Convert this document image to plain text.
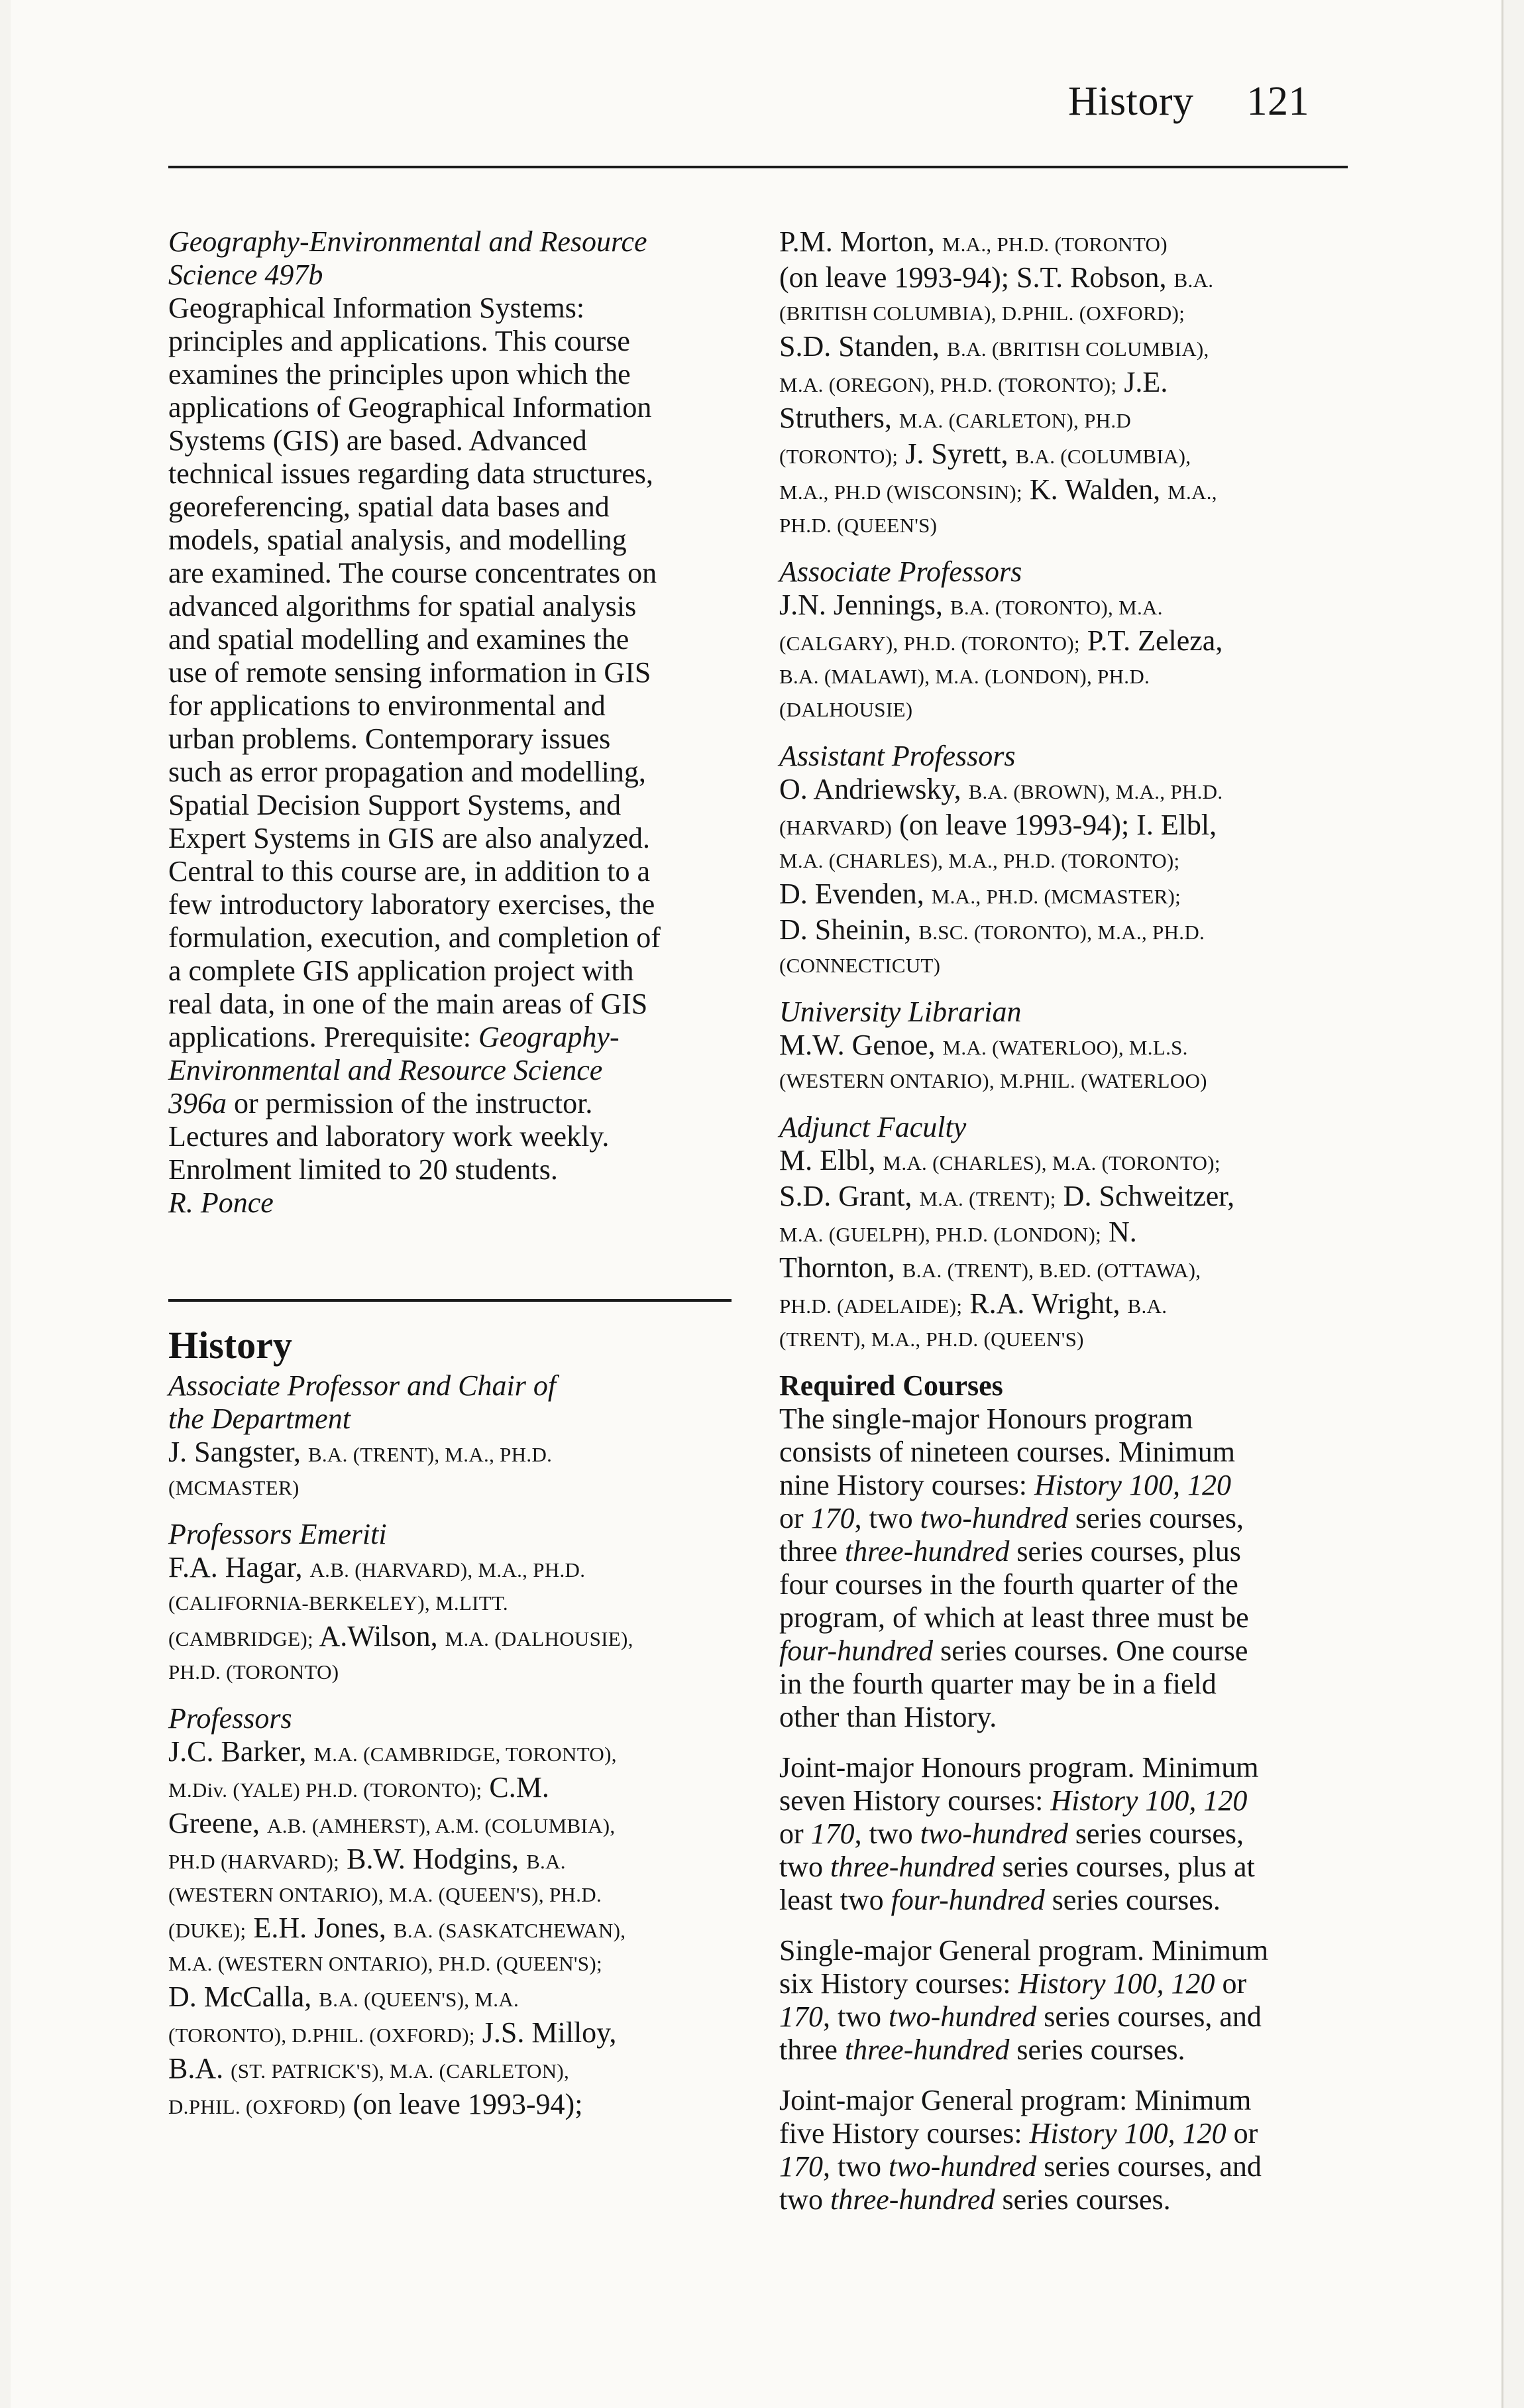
History 121

Geography-Environmental and Resource

Science 497b

Geographical Information Systems:

principles and applications. This course

examines the principles upon which the

applications of Geographical Information

Systems (GIS) are based. Advanced

technical issues regarding data structures,

georeferencing, spatial data bases and

models, spatial analysis, and modelling

are examined. The course concentrates on

advanced algorithms for spatial analysis

and spatial modelling and examines the

use of remote sensing information in GIS

for applications to environmental and

urban problems. Contemporary issues

such as error propagation and modelling,

Spatial Decision Support Systems, and

Expert Systems in GIS are also analyzed.

Central to this course are, in addition to a

few introductory laboratory exercises, the

formulation, execution, and completion of

a complete GIS application project with

real data, in one of the main areas of GIS

applications. Prerequisite: Geography-

Environmental and Resource Science

396a or permission of the instructor.

Lectures and laboratory work weekly.

Enrolment limited to 20 students.

R. Ponce

History

Associate Professor and Chair of

the Department

J. Sangster, B.A. (TRENT), M.A., PH.D.

(MCMASTER)

Professors Emeriti

F.A. Hagar, A.B. (HARVARD), M.A., PH.D.

(CALIFORNIA-BERKELEY), M.LITT.

(CAMBRIDGE); A.Wilson, M.A. (DALHOUSIE),

PH.D. (TORONTO)

Professors

J.C. Barker, M.A. (CAMBRIDGE, TORONTO),

M.Div. (YALE) PH.D. (TORONTO); C.M.

Greene, A.B. (AMHERST), A.M. (COLUMBIA),

PH.D (HARVARD); B.W. Hodgins, B.A.

(WESTERN ONTARIO), M.A. (QUEEN'S), PH.D.

(DUKE); E.H. Jones, B.A. (SASKATCHEWAN),

M.A. (WESTERN ONTARIO), PH.D. (QUEEN'S);

D. McCalla, B.A. (QUEEN'S), M.A.

(TORONTO), D.PHIL. (OXFORD); J.S. Milloy,

B.A. (ST. PATRICK'S), M.A. (CARLETON),

D.PHIL. (OXFORD) (on leave 1993-94);

P.M. Morton, M.A., PH.D. (TORONTO)

(on leave 1993-94); S.T. Robson, B.A.

(BRITISH COLUMBIA), D.PHIL. (OXFORD);

S.D. Standen, B.A. (BRITISH COLUMBIA),

M.A. (OREGON), PH.D. (TORONTO); J.E.

Struthers, M.A. (CARLETON), PH.D

(TORONTO); J. Syrett, B.A. (COLUMBIA),

M.A., PH.D (WISCONSIN); K. Walden, M.A.,

PH.D. (QUEEN'S)

Associate Professors

J.N. Jennings, B.A. (TORONTO), M.A.

(CALGARY), PH.D. (TORONTO); P.T. Zeleza,

B.A. (MALAWI), M.A. (LONDON), PH.D.

(DALHOUSIE)

Assistant Professors

O. Andriewsky, B.A. (BROWN), M.A., PH.D.

(HARVARD) (on leave 1993-94); I. Elbl,

M.A. (CHARLES), M.A., PH.D. (TORONTO);

D. Evenden, M.A., PH.D. (MCMASTER);

D. Sheinin, B.SC. (TORONTO), M.A., PH.D.

(CONNECTICUT)

University Librarian

M.W. Genoe, M.A. (WATERLOO), M.L.S.

(WESTERN ONTARIO), M.PHIL. (WATERLOO)

Adjunct Faculty

M. Elbl, M.A. (CHARLES), M.A. (TORONTO);

S.D. Grant, M.A. (TRENT); D. Schweitzer,

M.A. (GUELPH), PH.D. (LONDON); N.

Thornton, B.A. (TRENT), B.ED. (OTTAWA),

PH.D. (ADELAIDE); R.A. Wright, B.A.

(TRENT), M.A., PH.D. (QUEEN'S)

Required Courses

The single-major Honours program

consists of nineteen courses. Minimum

nine History courses: History 100, 120

or 170, two two-hundred series courses,

three three-hundred series courses, plus

four courses in the fourth quarter of the

program, of which at least three must be

four-hundred series courses. One course

in the fourth quarter may be in a field

other than History.

Joint-major Honours program. Minimum

seven History courses: History 100, 120

or 170, two two-hundred series courses,

two three-hundred series courses, plus at

least two four-hundred series courses.

Single-major General program. Minimum

six History courses: History 100, 120 or

170, two two-hundred series courses, and

three three-hundred series courses.

Joint-major General program: Minimum

five History courses: History 100, 120 or

170, two two-hundred series courses, and

two three-hundred series courses.
